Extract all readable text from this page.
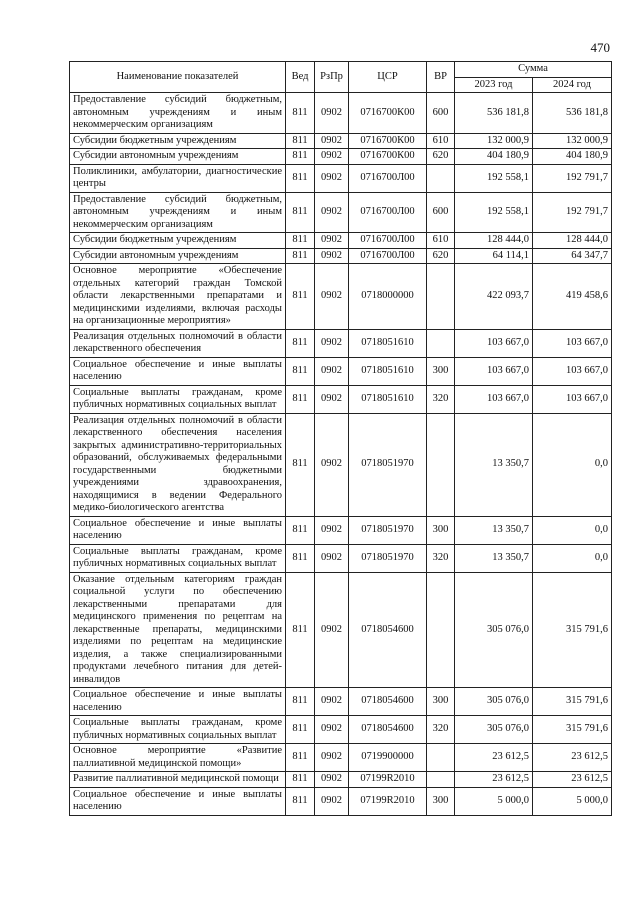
470
Наименование показателей	Вед	РзПр	ЦСР	ВР	Сумма	
					2023 год	2024 год
Предоставление субсидий бюджетным, автономным учреждениям и иным некоммерческим организациям	811	0902	0716700К00	600	536 181,8	536 181,8
Субсидии бюджетным учреждениям	811	0902	0716700К00	610	132 000,9	132 000,9
Субсидии автономным учреждениям	811	0902	0716700К00	620	404 180,9	404 180,9
Поликлиники, амбулатории, диагностические центры	811	0902	0716700Л00		192 558,1	192 791,7
Предоставление субсидий бюджетным, автономным учреждениям и иным некоммерческим организациям	811	0902	0716700Л00	600	192 558,1	192 791,7
Субсидии бюджетным учреждениям	811	0902	0716700Л00	610	128 444,0	128 444,0
Субсидии автономным учреждениям	811	0902	0716700Л00	620	64 114,1	64 347,7
Основное мероприятие «Обеспечение отдельных категорий граждан Томской области лекарственными препаратами и медицинскими изделиями, включая расходы на организационные мероприятия»	811	0902	0718000000		422 093,7	419 458,6
Реализация отдельных полномочий в области лекарственного обеспечения	811	0902	0718051610		103 667,0	103 667,0
Социальное обеспечение и иные выплаты населению	811	0902	0718051610	300	103 667,0	103 667,0
Социальные выплаты гражданам, кроме публичных нормативных социальных выплат	811	0902	0718051610	320	103 667,0	103 667,0
Реализация отдельных полномочий в области лекарственного обеспечения населения закрытых административно-территориальных образований, обслуживаемых федеральными государственными бюджетными учреждениями здравоохранения, находящимися в ведении Федерального медико-биологического агентства	811	0902	0718051970		13 350,7	0,0
Социальное обеспечение и иные выплаты населению	811	0902	0718051970	300	13 350,7	0,0
Социальные выплаты гражданам, кроме публичных нормативных социальных выплат	811	0902	0718051970	320	13 350,7	0,0
Оказание отдельным категориям граждан социальной услуги по обеспечению лекарственными препаратами для медицинского применения по рецептам на лекарственные препараты, медицинскими изделиями по рецептам на медицинские изделия, а также специализированными продуктами лечебного питания для детей-инвалидов	811	0902	0718054600		305 076,0	315 791,6
Социальное обеспечение и иные выплаты населению	811	0902	0718054600	300	305 076,0	315 791,6
Социальные выплаты гражданам, кроме публичных нормативных социальных выплат	811	0902	0718054600	320	305 076,0	315 791,6
Основное мероприятие «Развитие паллиативной медицинской помощи»	811	0902	0719900000		23 612,5	23 612,5
Развитие паллиативной медицинской помощи	811	0902	07199R2010		23 612,5	23 612,5
Социальное обеспечение и иные выплаты населению	811	0902	07199R2010	300	5 000,0	5 000,0
